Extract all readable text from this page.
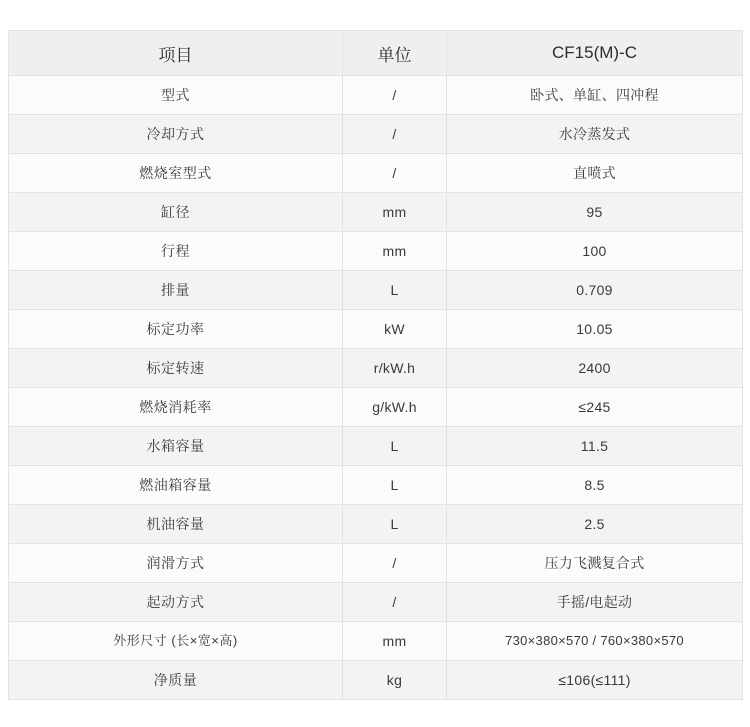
项目	单位	CF15(M)-C
型式	/	卧式、单缸、四冲程
冷却方式	/	水冷蒸发式
燃烧室型式	/	直喷式
缸径	mm	95
行程	mm	100
排量	L	0.709
标定功率	kW	10.05
标定转速	r/kW.h	2400
燃烧消耗率	g/kW.h	≤245
水箱容量	L	11.5
燃油箱容量	L	8.5
机油容量	L	2.5
润滑方式	/	压力飞溅复合式
起动方式	/	手摇/电起动
外形尺寸 (长×宽×高)	mm	730×380×570 / 760×380×570
净质量	kg	≤106(≤111)
